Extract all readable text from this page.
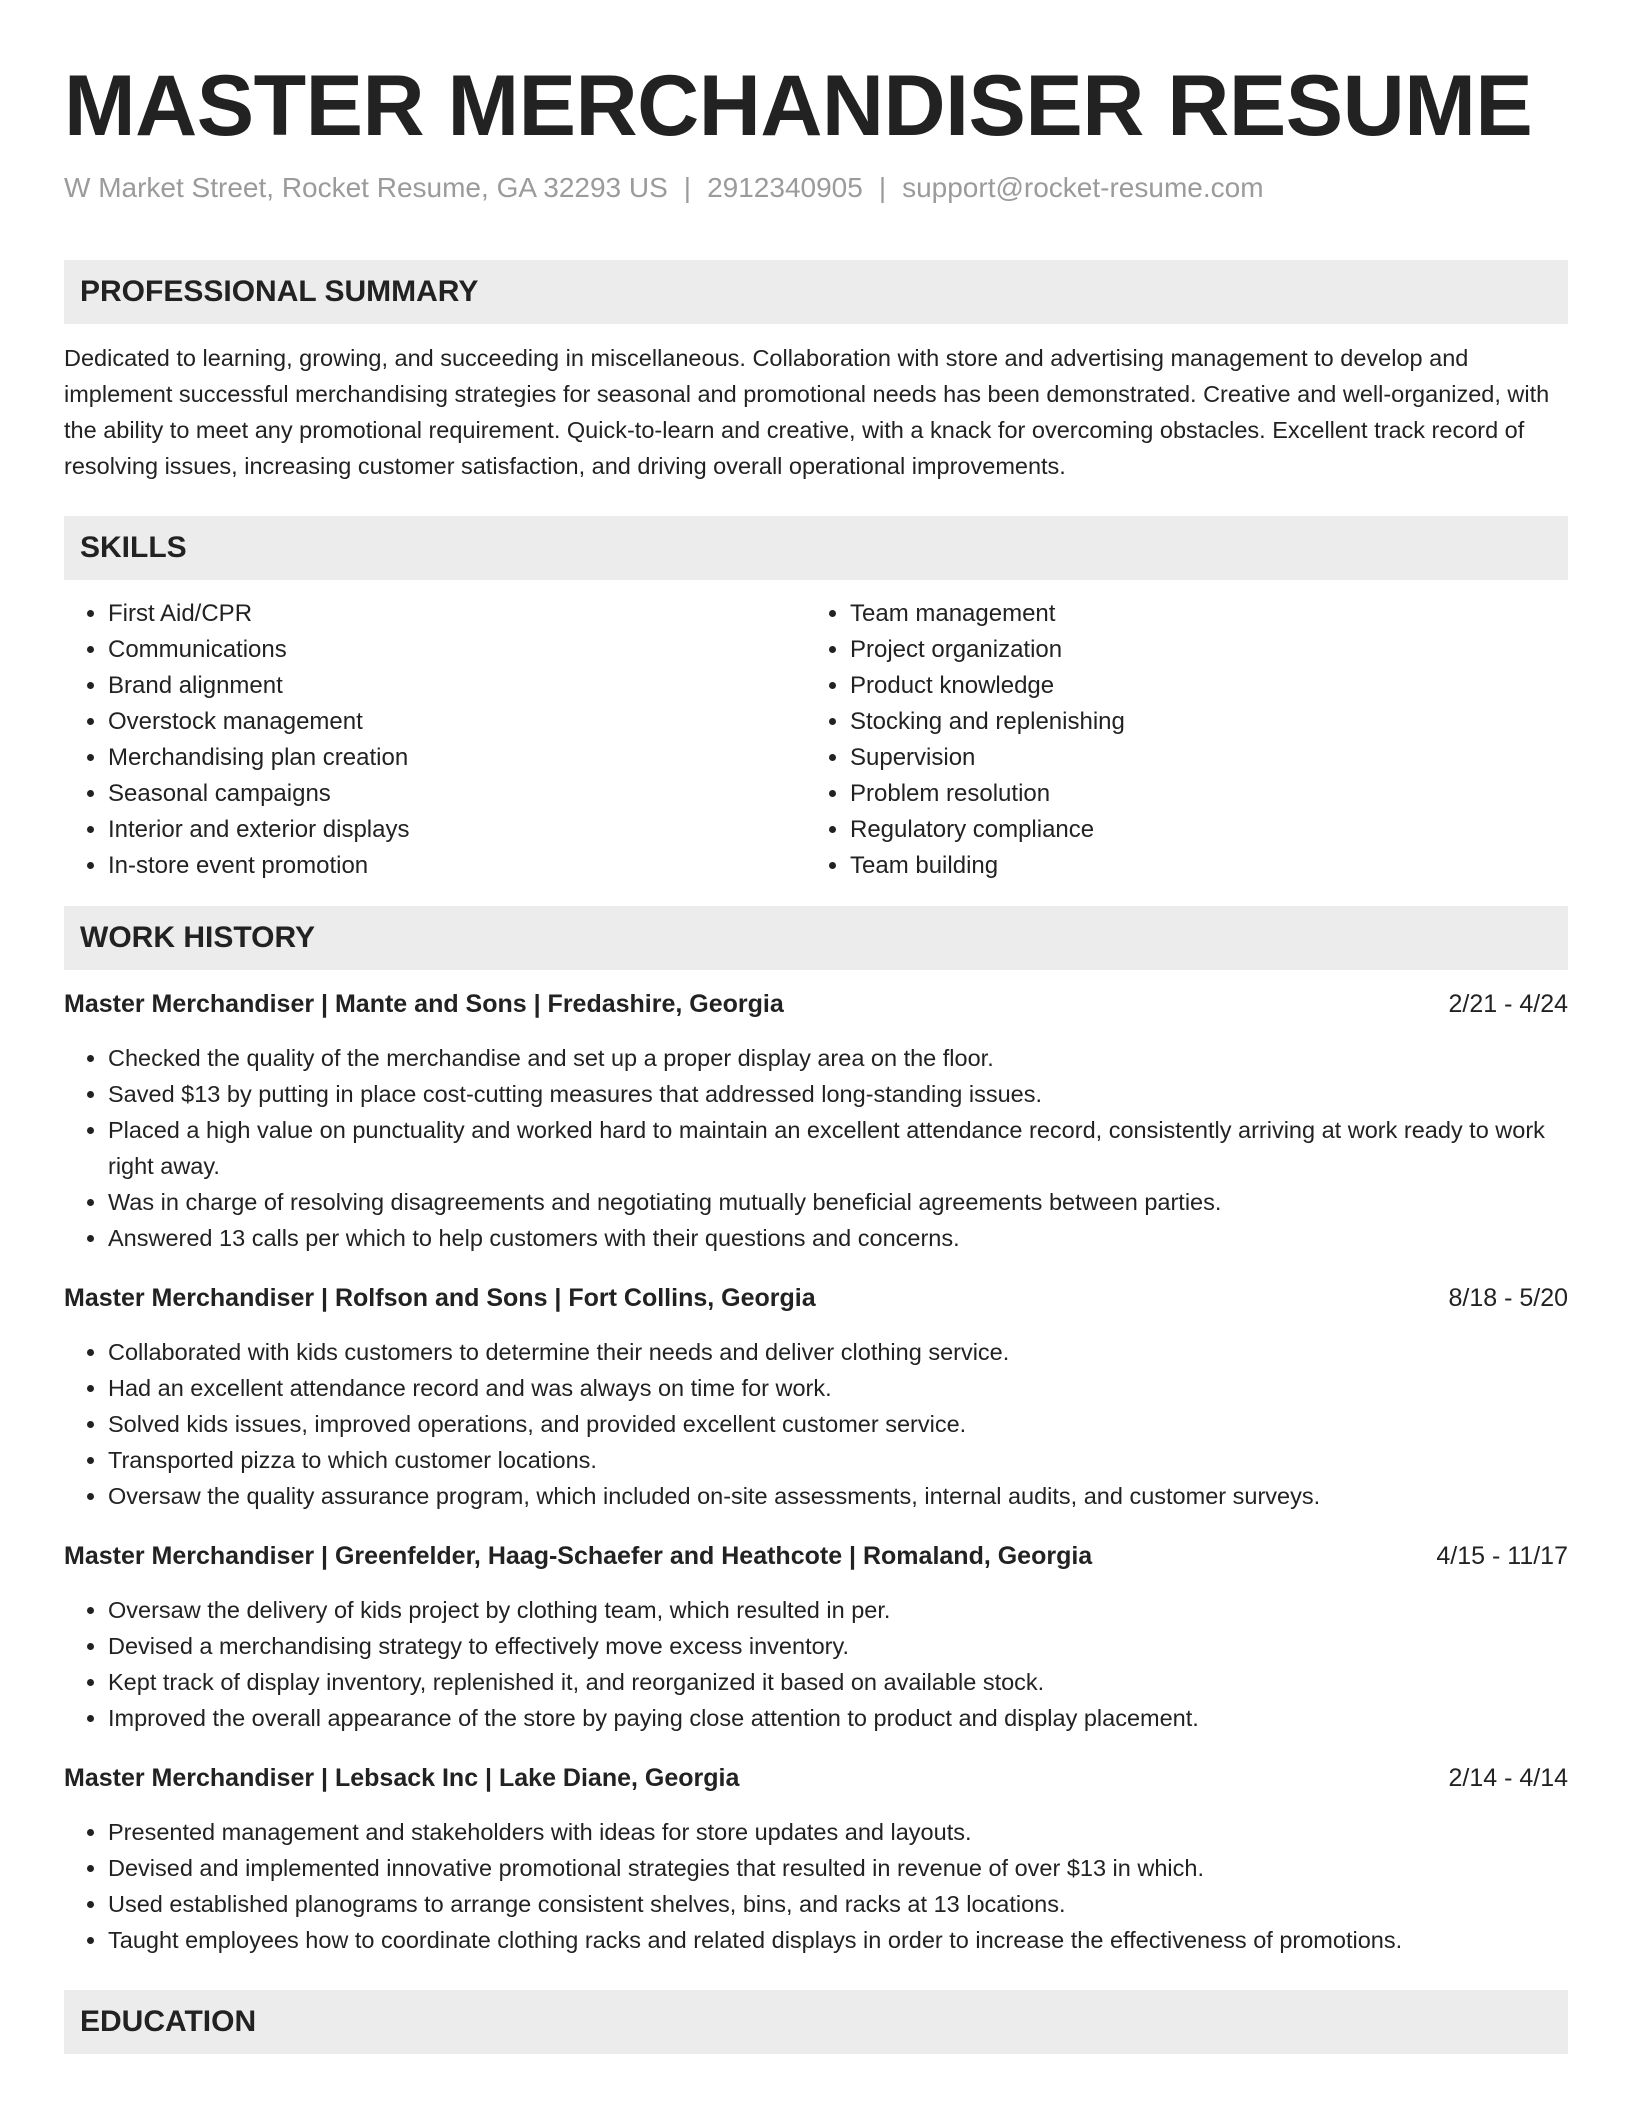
MASTER MERCHANDISER RESUME
W Market Street, Rocket Resume, GA 32293 US | 2912340905 | support@rocket-resume.com
PROFESSIONAL SUMMARY
Dedicated to learning, growing, and succeeding in miscellaneous. Collaboration with store and advertising management to develop and implement successful merchandising strategies for seasonal and promotional needs has been demonstrated. Creative and well-organized, with the ability to meet any promotional requirement. Quick-to-learn and creative, with a knack for overcoming obstacles. Excellent track record of resolving issues, increasing customer satisfaction, and driving overall operational improvements.
SKILLS
• First Aid/CPR
• Communications
• Brand alignment
• Overstock management
• Merchandising plan creation
• Seasonal campaigns
• Interior and exterior displays
• In-store event promotion
• Team management
• Project organization
• Product knowledge
• Stocking and replenishing
• Supervision
• Problem resolution
• Regulatory compliance
• Team building
WORK HISTORY
Master Merchandiser | Mante and Sons | Fredashire, Georgia	2/21 - 4/24
• Checked the quality of the merchandise and set up a proper display area on the floor.
• Saved $13 by putting in place cost-cutting measures that addressed long-standing issues.
• Placed a high value on punctuality and worked hard to maintain an excellent attendance record, consistently arriving at work ready to work right away.
• Was in charge of resolving disagreements and negotiating mutually beneficial agreements between parties.
• Answered 13 calls per which to help customers with their questions and concerns.
Master Merchandiser | Rolfson and Sons | Fort Collins, Georgia	8/18 - 5/20
• Collaborated with kids customers to determine their needs and deliver clothing service.
• Had an excellent attendance record and was always on time for work.
• Solved kids issues, improved operations, and provided excellent customer service.
• Transported pizza to which customer locations.
• Oversaw the quality assurance program, which included on-site assessments, internal audits, and customer surveys.
Master Merchandiser | Greenfelder, Haag-Schaefer and Heathcote | Romaland, Georgia	4/15 - 11/17
• Oversaw the delivery of kids project by clothing team, which resulted in per.
• Devised a merchandising strategy to effectively move excess inventory.
• Kept track of display inventory, replenished it, and reorganized it based on available stock.
• Improved the overall appearance of the store by paying close attention to product and display placement.
Master Merchandiser | Lebsack Inc | Lake Diane, Georgia	2/14 - 4/14
• Presented management and stakeholders with ideas for store updates and layouts.
• Devised and implemented innovative promotional strategies that resulted in revenue of over $13 in which.
• Used established planograms to arrange consistent shelves, bins, and racks at 13 locations.
• Taught employees how to coordinate clothing racks and related displays in order to increase the effectiveness of promotions.
EDUCATION
